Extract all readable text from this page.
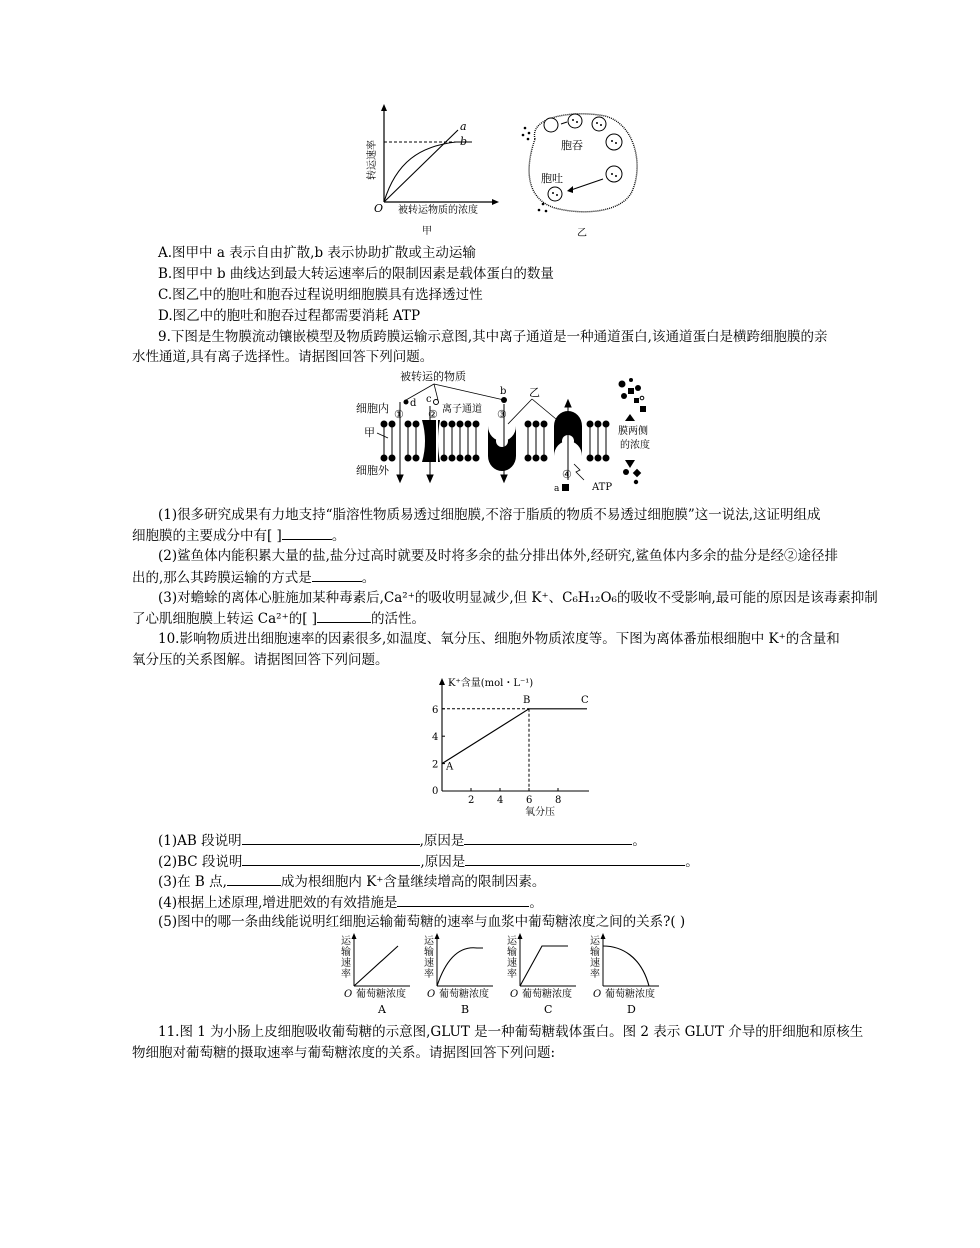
转运速率
O 被转运物质的浓度
a
b
甲
胞吞
胞吐
乙
A.图甲中 a 表示自由扩散,b 表示协助扩散或主动运输
B.图甲中 b 曲线达到最大转运速率后的限制因素是载体蛋白的数量
C.图乙中的胞吐和胞吞过程说明细胞膜具有选择透过性
D.图乙中的胞吐和胞吞过程都需要消耗 ATP
9.下图是生物膜流动镶嵌模型及物质跨膜运输示意图,其中离子通道是一种通道蛋白,该通道蛋白是横跨细胞膜的亲
水性通道,具有离子选择性。请据图回答下列问题。
被转运的物质
细胞内
细胞外
甲
d c
b 乙
① ② 离子通道 ③
④
a	ATP
膜两侧
的浓度
(1)很多研究成果有力地支持“脂溶性物质易透过细胞膜,不溶于脂质的物质不易透过细胞膜”这一说法,这证明组成
细胞膜的主要成分中有[ ]	。
(2)鲨鱼体内能积累大量的盐,盐分过高时就要及时将多余的盐分排出体外,经研究,鲨鱼体内多余的盐分是经②途径排
出的,那么其跨膜运输的方式是	。
(3)对蟾蜍的离体心脏施加某种毒素后,Ca²⁺的吸收明显减少,但 K⁺、C₆H₁₂O₆的吸收不受影响,最可能的原因是该毒素抑制
了心肌细胞膜上转运 Ca²⁺的[ ]	的活性。
10.影响物质进出细胞速率的因素很多,如温度、氧分压、细胞外物质浓度等。下图为离体番茄根细胞中 K⁺的含量和
氧分压的关系图解。请据图回答下列问题。
K⁺含量(mol・L⁻¹)
氧分压
2 4 6 8
0
2
4
6
A
B	C
(1)AB 段说明	,原因是	。
(2)BC 段说明	,原因是	。
(3)在 B 点,	成为根细胞内 K⁺含量继续增高的限制因素。
(4)根据上述原理,增进肥效的有效措施是	。
(5)图中的哪一条曲线能说明红细胞运输葡萄糖的速率与血浆中葡萄糖浓度之间的关系?( )
运输速率
O 葡萄糖浓度
A
运输速率
O 葡萄糖浓度
B
运输速率
O 葡萄糖浓度
C
运输速率
O 葡萄糖浓度
D
11.图 1 为小肠上皮细胞吸收葡萄糖的示意图,GLUT 是一种葡萄糖载体蛋白。图 2 表示 GLUT 介导的肝细胞和原核生
物细胞对葡萄糖的摄取速率与葡萄糖浓度的关系。请据图回答下列问题:
